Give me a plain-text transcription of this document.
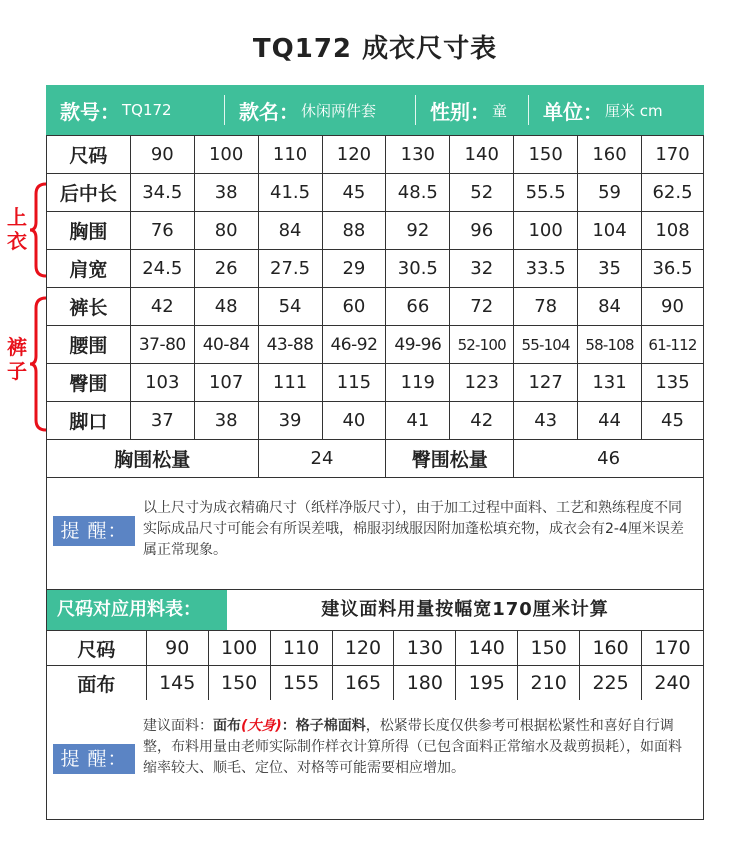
TQ172 成衣尺寸表
款号： TQ172	款名： 休闲两件套	性别： 童 单位： 厘米 cm
上衣
裤子
尺码	90	100	110	120	130	140	150	160	170
后中长	34.5	38	41.5	45	48.5	52	55.5	59	62.5
胸围	76	80	84	88	92	96	100	104	108
肩宽	24.5	26	27.5	29	30.5	32	33.5	35	36.5
裤长	42	48	54	60	66	72	78	84	90
腰围	37-80	40-84	43-88	46-92	49-96	52-100	55-104	58-108	61-112
臀围	103	107	111	115	119	123	127	131	135
脚口	37	38	39	40	41	42	43	44	45
胸围松量			24		臀围松量		46		
提 醒：
以上尺寸为成衣精确尺寸（纸样净版尺寸），由于加工过程中面料、工艺和熟练程度不同实际成品尺寸可能会有所误差哦，棉服羽绒服因附加蓬松填充物，成衣会有2-4厘米误差属正常现象。
尺码对应用料表：	建议面料用量按幅宽170厘米计算
尺码	90	100	110	120	130	140	150	160	170
面布	145	150	155	165	180	195	210	225	240
提 醒：
建议面料：面布(大身)：格子棉面料，松紧带长度仅供参考可根据松紧性和喜好自行调整，布料用量由老师实际制作样衣计算所得（已包含面料正常缩水及裁剪损耗），如面料缩率较大、顺毛、定位、对格等可能需要相应增加。
